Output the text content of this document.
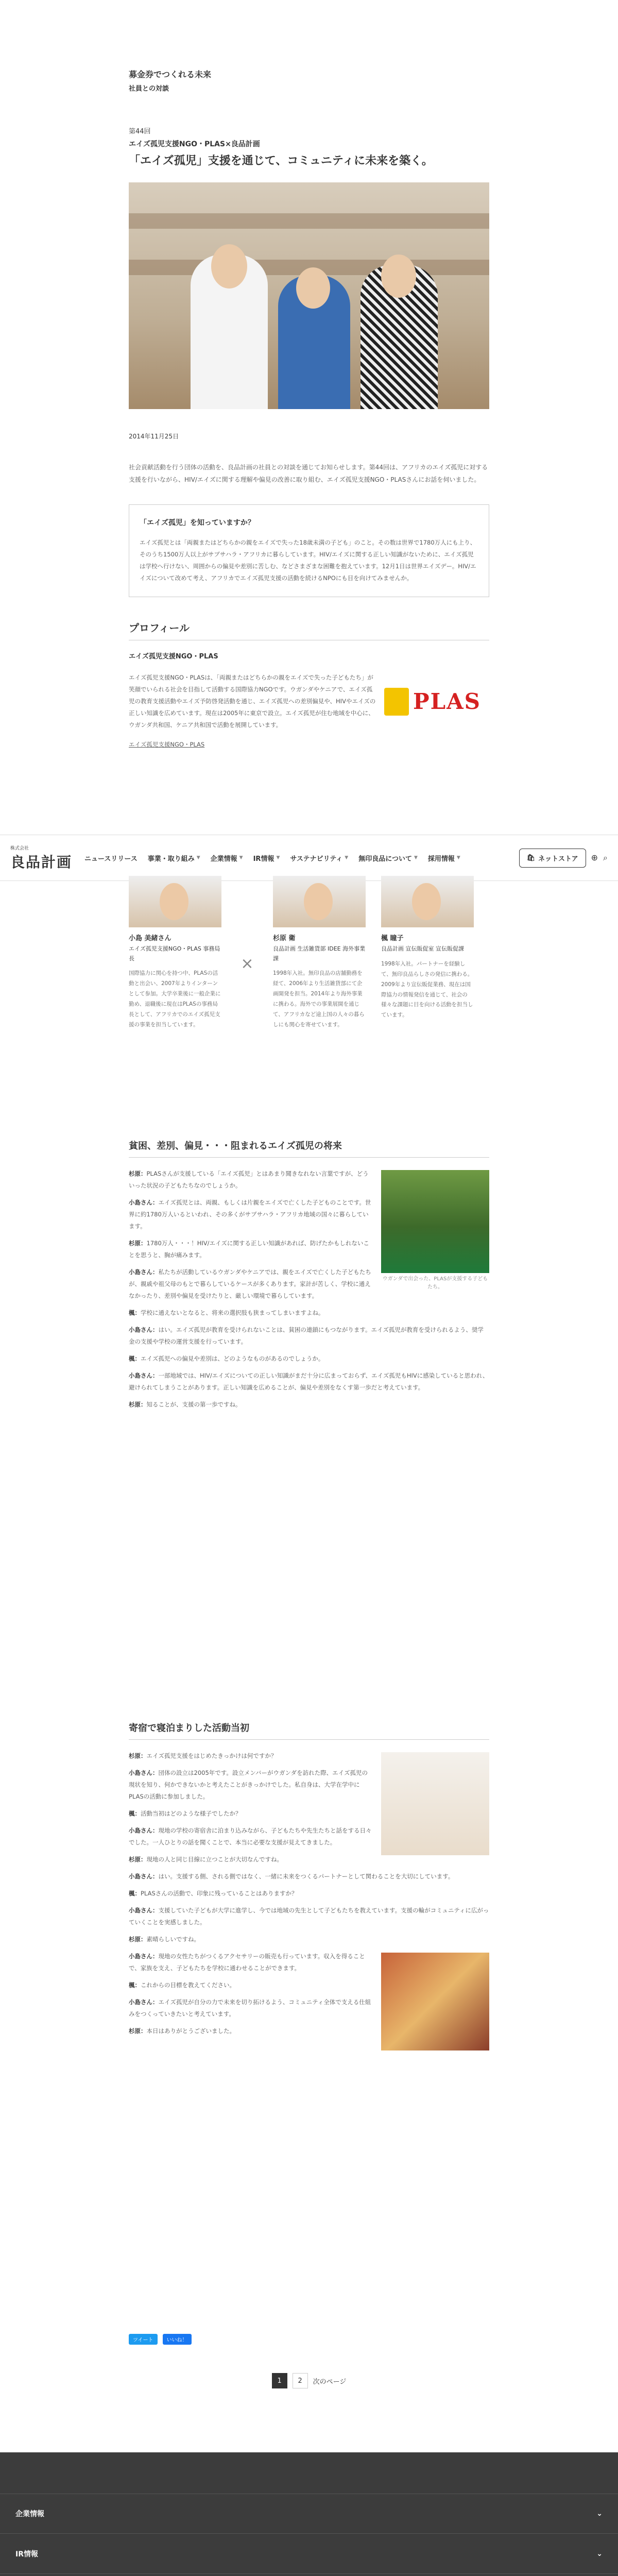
募金券でつくれる未来
社員との対談
第44回
エイズ孤児支援NGO・PLAS×良品計画
「エイズ孤児」支援を通じて、コミュニティに未来を築く。
2014年11月25日

社会貢献活動を行う団体の活動を、良品計画の社員との対談を通じてお知らせします。第44回は、アフリカのエイズ孤児に対する支援を行いながら、HIV/エイズに関する理解や偏見の改善に取り組む、エイズ孤児支援NGO・PLASさんにお話を伺いました。

「エイズ孤児」を知っていますか？

エイズ孤児とは「両親またはどちらかの親をエイズで失った18歳未満の子ども」のこと。その数は世界で1780万人にも上り、そのうち1500万人以上がサブサハラ・アフリカに暮らしています。HIV/エイズに関する正しい知識がないために、エイズ孤児は学校へ行けない、周囲からの偏見や差別に苦しむ、などさまざまな困難を抱えています。12月1日は世界エイズデー。HIV/エイズについて改めて考え、アフリカでエイズ孤児支援の活動を続けるNPOにも目を向けてみませんか。

プロフィール
エイズ孤児支援NGO・PLAS

エイズ孤児支援NGO・PLASは、「両親またはどちらかの親をエイズで失った子どもたち」が笑顔でいられる社会を目指して活動する国際協力NGOです。ウガンダやケニアで、エイズ孤児の教育支援活動やエイズ予防啓発活動を通じ、エイズ孤児への差別偏見や、HIVやエイズの正しい知識を広めています。現在は2005年に東京で設立。エイズ孤児が住む地域を中心に、ウガンダ共和国、ケニア共和国で活動を展開しています。

PLAS
エイズ孤児支援NGO・PLAS
株式会社
良品計画 ニュースリリース 事業・取り組み ▼ 企業情報 ▼ IR情報 ▼ サステナビリティ ▼ 無印良品について ▼ 採用情報 ▼	🛍 ネットストア ⊕ ⌕
小島 美緒さん
エイズ孤児支援NGO・PLAS 事務局長
国際協力に関心を持つ中、PLASの活動と出会い、2007年よりインターンとして参加。大学卒業後に一般企業に勤め、退職後に現在はPLASの事務局長として、アフリカでのエイズ孤児支援の事業を担当しています。
×
杉原 衛
良品計画 生活雑貨部 IDEE 海外事業課
1998年入社。無印良品の店舗勤務を経て、2006年より生活雑貨部にて企画開発を担当。2014年より海外事業に携わる。海外での事業展開を通じて、アフリカなど途上国の人々の暮らしにも関心を寄せています。
楓 瞳子
良品計画 宣伝販促室 宣伝販促課
1998年入社。パートナーを経験して、無印良品らしさの発信に携わる。2009年より宣伝販促業務、現在は国際協力の情報発信を通じて、社会の様々な課題に目を向ける活動を担当しています。
貧困、差別、偏見・・・阻まれるエイズ孤児の将来
ウガンダで出会った、PLASが支援する子どもたち。

杉原：PLASさんが支援している「エイズ孤児」とはあまり聞きなれない言葉ですが、どういった状況の子どもたちなのでしょうか。

小島さん：エイズ孤児とは、両親、もしくは片親をエイズで亡くした子どものことです。世界に約1780万人いるといわれ、その多くがサブサハラ・アフリカ地域の国々に暮らしています。

杉原：1780万人・・・！HIV/エイズに関する正しい知識があれば、防げたかもしれないことを思うと、胸が痛みます。

小島さん：私たちが活動しているウガンダやケニアでは、親をエイズで亡くした子どもたちが、親戚や祖父母のもとで暮らしているケースが多くあります。家計が苦しく、学校に通えなかったり、差別や偏見を受けたりと、厳しい環境で暮らしています。

楓：学校に通えないとなると、将来の選択肢も狭まってしまいますよね。

小島さん：はい。エイズ孤児が教育を受けられないことは、貧困の連鎖にもつながります。エイズ孤児が教育を受けられるよう、奨学金の支援や学校の運営支援を行っています。

楓：エイズ孤児への偏見や差別は、どのようなものがあるのでしょうか。

小島さん：一部地域では、HIV/エイズについての正しい知識がまだ十分に広まっておらず、エイズ孤児もHIVに感染していると思われ、避けられてしまうことがあります。正しい知識を広めることが、偏見や差別をなくす第一歩だと考えています。

杉原：知ることが、支援の第一歩ですね。

寄宿で寝泊まりした活動当初

杉原：エイズ孤児支援をはじめたきっかけは何ですか？

小島さん：団体の設立は2005年です。設立メンバーがウガンダを訪れた際、エイズ孤児の現状を知り、何かできないかと考えたことがきっかけでした。私自身は、大学在学中にPLASの活動に参加しました。

楓：活動当初はどのような様子でしたか？

小島さん：現地の学校の寄宿舎に泊まり込みながら、子どもたちや先生たちと話をする日々でした。一人ひとりの話を聞くことで、本当に必要な支援が見えてきました。

杉原：現地の人と同じ目線に立つことが大切なんですね。

小島さん：はい。支援する側、される側ではなく、一緒に未来をつくるパートナーとして関わることを大切にしています。

楓：PLASさんの活動で、印象に残っていることはありますか？

小島さん：支援していた子どもが大学に進学し、今では地域の先生として子どもたちを教えています。支援の輪がコミュニティに広がっていくことを実感しました。

杉原：素晴らしいですね。

小島さん：現地の女性たちがつくるアクセサリーの販売も行っています。収入を得ることで、家族を支え、子どもたちを学校に通わせることができます。

楓：これからの目標を教えてください。

小島さん：エイズ孤児が自分の力で未来を切り拓けるよう、コミュニティ全体で支える仕組みをつくっていきたいと考えています。

杉原：本日はありがとうございました。

ツイート	いいね！
1	2	次のページ
企業情報	⌄
IR情報	⌄
